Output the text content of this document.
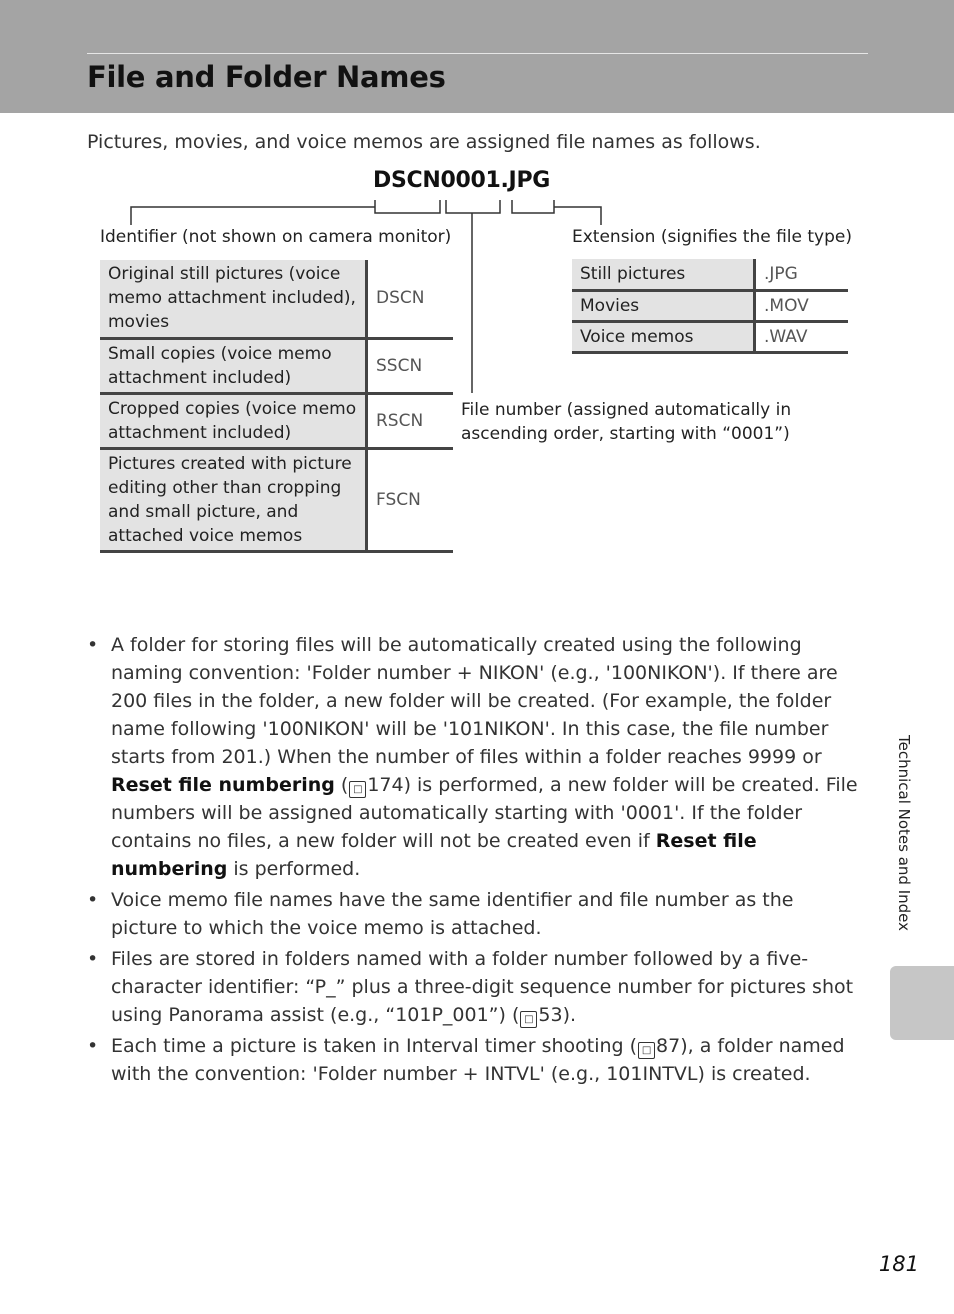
File and Folder Names
Pictures, movies, and voice memos are assigned file names as follows.
DSCN0001.JPG
Identifier (not shown on camera monitor)	Extension (signifies the file type)
File number (assigned automatically in
ascending order, starting with “0001”)
Original still pictures (voice memo attachment included), movies	DSCN
Small copies (voice memo attachment included)	SSCN
Cropped copies (voice memo attachment included)	RSCN
Pictures created with picture editing other than cropping and small picture, and attached voice memos	FSCN
Still pictures	.JPG
Movies	.MOV
Voice memos	.WAV
• A folder for storing files will be automatically created using the following naming convention: 'Folder number + NIKON' (e.g., '100NIKON'). If there are 200 files in the folder, a new folder will be created. (For example, the folder name following '100NIKON' will be '101NIKON'. In this case, the file number starts from 201.) When the number of files within a folder reaches 9999 or Reset file numbering ( □ 174) is performed, a new folder will be created. File numbers will be assigned automatically starting with '0001'. If the folder contains no files, a new folder will not be created even if Reset file numbering is performed.
• Voice memo file names have the same identifier and file number as the picture to which the voice memo is attached.
• Files are stored in folders named with a folder number followed by a five-character identifier: “P_” plus a three-digit sequence number for pictures shot using Panorama assist (e.g., “101P_001”) ( □ 53).
• Each time a picture is taken in Interval timer shooting ( □ 87), a folder named with the convention: 'Folder number + INTVL' (e.g., 101INTVL) is created.
Technical Notes and Index
181
